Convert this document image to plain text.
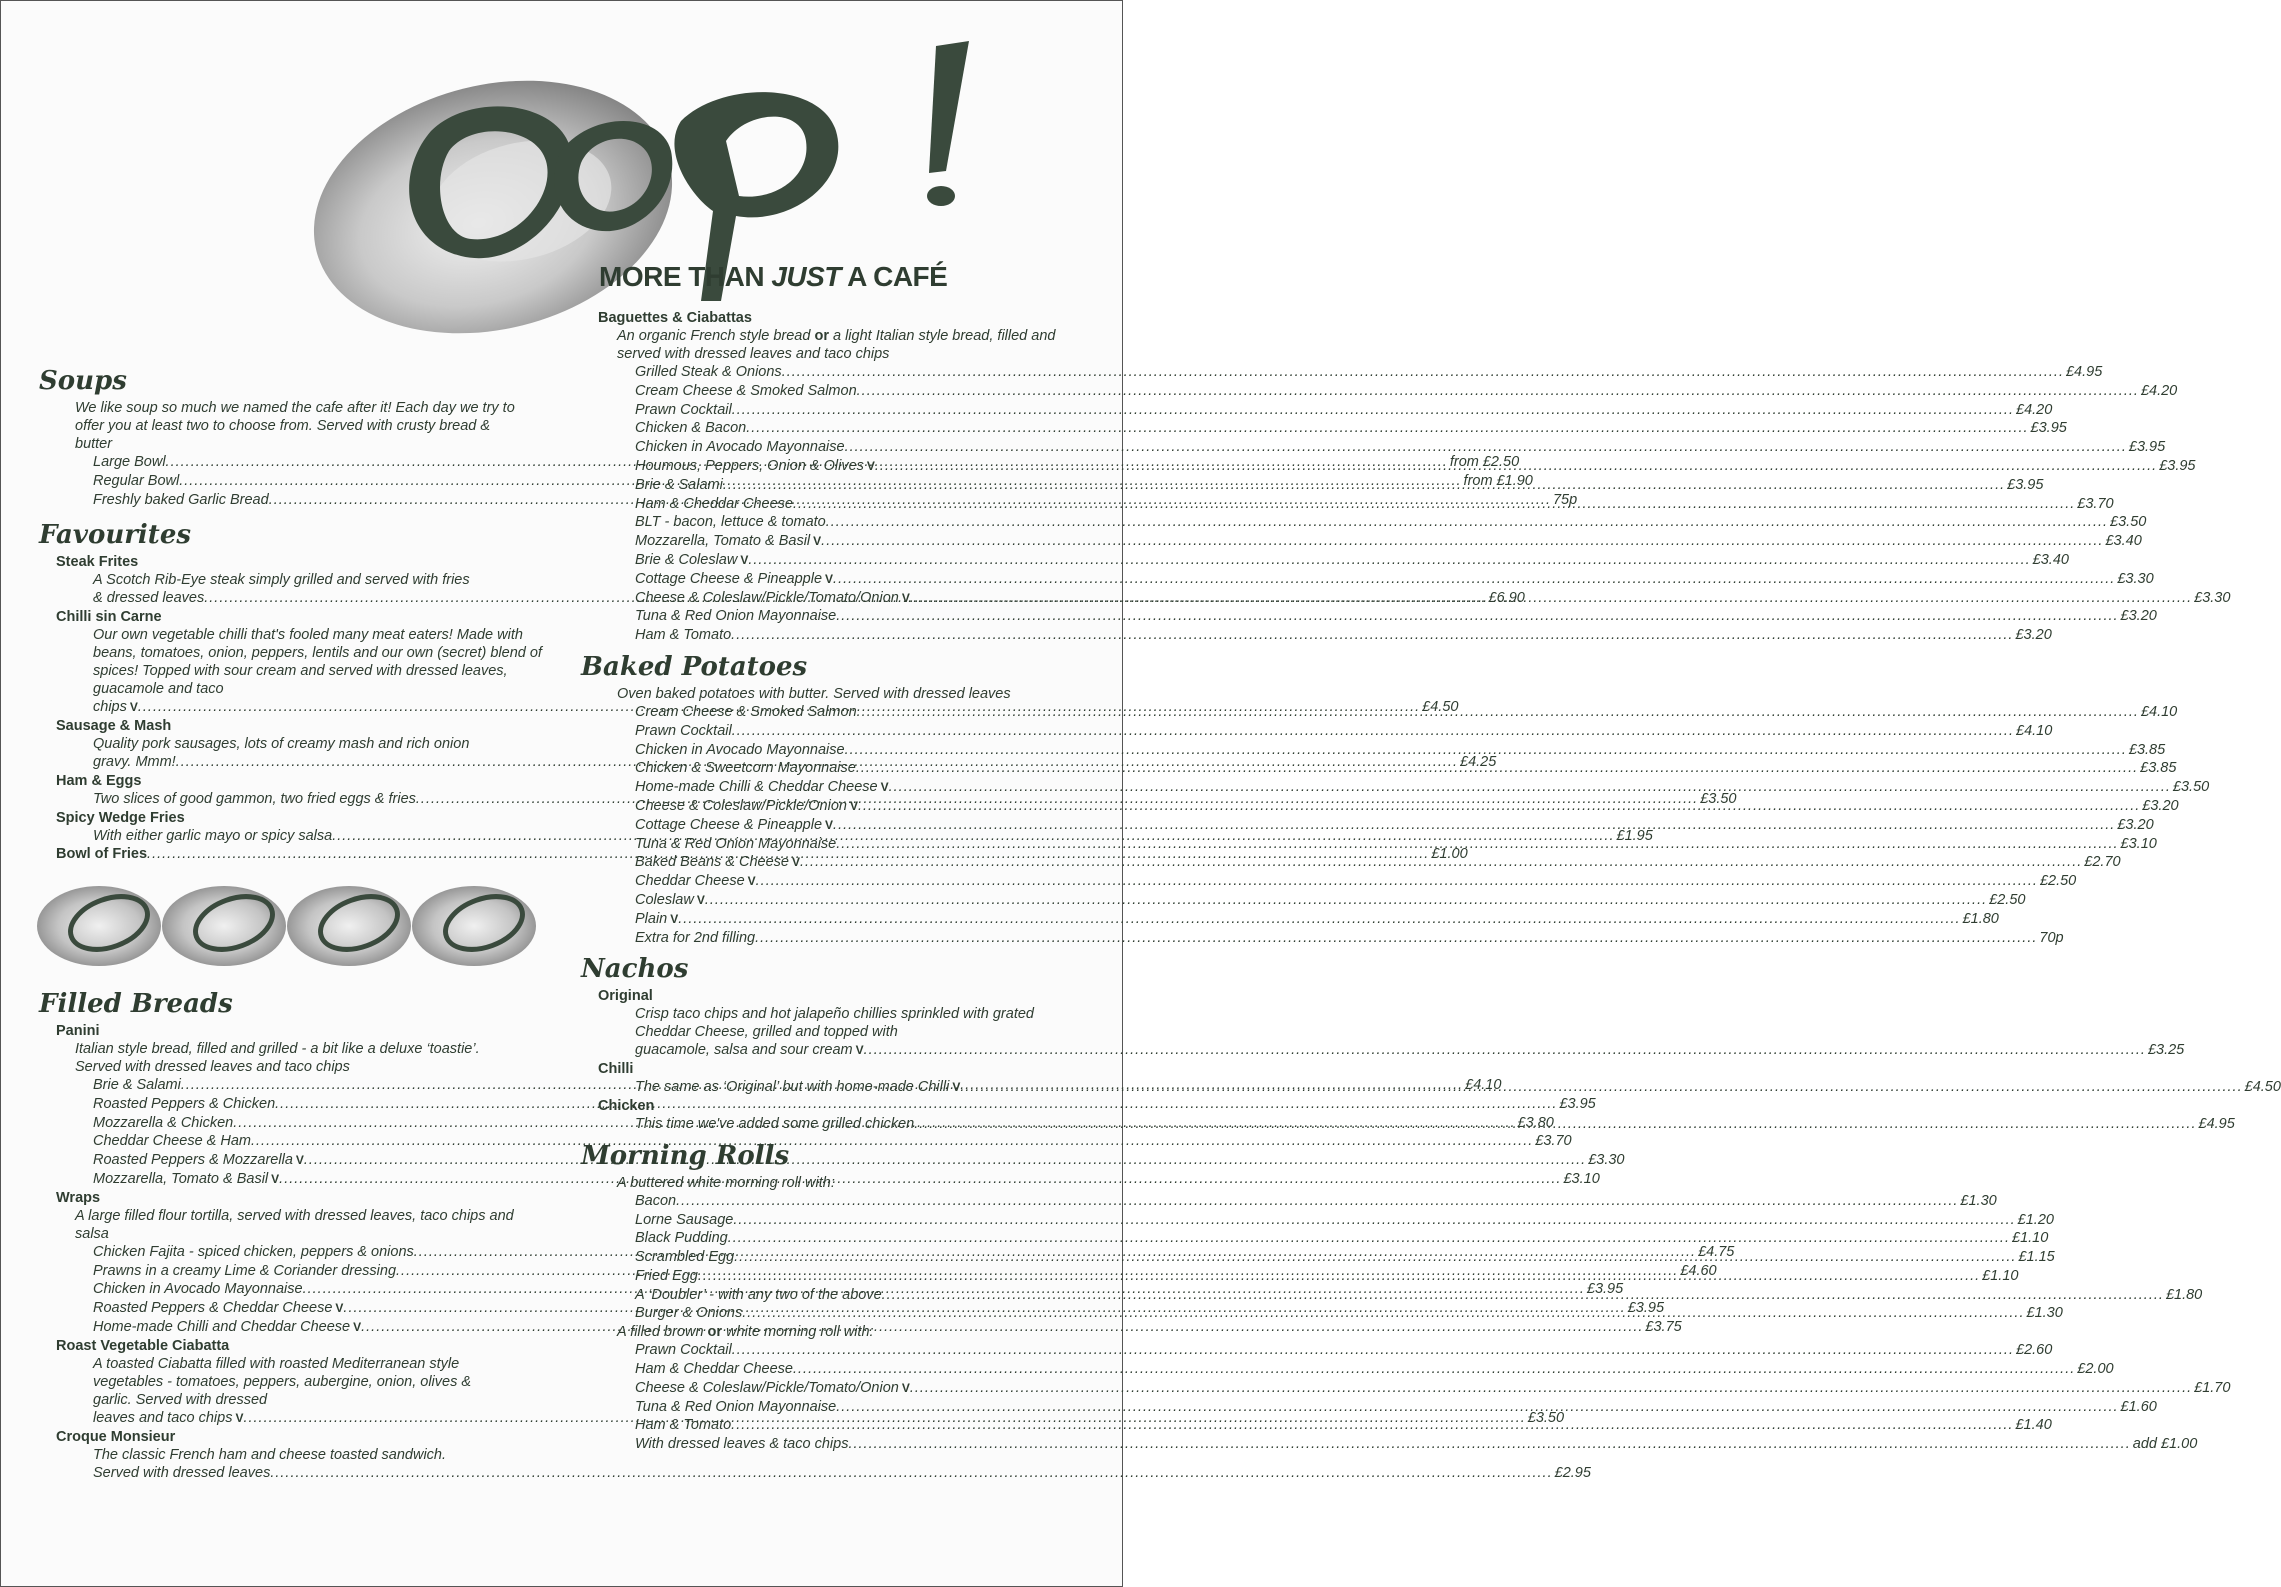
MORE THAN JUST A CAFÉ
Soups
We like soup so much we named the cafe after it! Each day we try to offer you at least two to choose from. Served with crusty bread & butter
Large Bowl .....	from £2.50
Regular Bowl .....	from £1.90
Freshly baked Garlic Bread .....	75p
Favourites
Steak Frites
A Scotch Rib-Eye steak simply grilled and served with fries
& dressed leaves .....	£6.90
Chilli sin Carne
Our own vegetable chilli that's fooled many meat eaters! Made with beans, tomatoes, onion, peppers, lentils and our own (secret) blend of spices! Topped with sour cream and served with dressed leaves, guacamole and taco
chips V .....	£4.50
Sausage & Mash
Quality pork sausages, lots of creamy mash and rich onion
gravy. Mmm! .....	£4.25
Ham & Eggs
Two slices of good gammon, two fried eggs & fries .....	£3.50
Spicy Wedge Fries
With either garlic mayo or spicy salsa .....	£1.95
Bowl of Fries .....	£1.00
Filled Breads
Panini
Italian style bread, filled and grilled - a bit like a deluxe ‘toastie’. Served with dressed leaves and taco chips
Brie & Salami .....	£4.10
Roasted Peppers & Chicken .....	£3.95
Mozzarella & Chicken .....	£3.80
Cheddar Cheese & Ham .....	£3.70
Roasted Peppers & Mozzarella V .....	£3.30
Mozzarella, Tomato & Basil V .....	£3.10
Wraps
A large filled flour tortilla, served with dressed leaves, taco chips and salsa
Chicken Fajita - spiced chicken, peppers & onions .....	£4.75
Prawns in a creamy Lime & Coriander dressing .....	£4.60
Chicken in Avocado Mayonnaise .....	£3.95
Roasted Peppers & Cheddar Cheese V .....	£3.95
Home-made Chilli and Cheddar Cheese V .....	£3.75
Roast Vegetable Ciabatta
A toasted Ciabatta filled with roasted Mediterranean style vegetables - tomatoes, peppers, aubergine, onion, olives & garlic. Served with dressed
leaves and taco chips V .....	£3.50
Croque Monsieur
The classic French ham and cheese toasted sandwich.
Served with dressed leaves .....	£2.95
Baguettes & Ciabattas
An organic French style bread or a light Italian style bread, filled and served with dressed leaves and taco chips
Grilled Steak & Onions .....	£4.95
Cream Cheese & Smoked Salmon .....	£4.20
Prawn Cocktail .....	£4.20
Chicken & Bacon .....	£3.95
Chicken in Avocado Mayonnaise .....	£3.95
Houmous, Peppers, Onion & Olives V .....	£3.95
Brie & Salami .....	£3.95
Ham & Cheddar Cheese .....	£3.70
BLT - bacon, lettuce & tomato .....	£3.50
Mozzarella, Tomato & Basil V .....	£3.40
Brie & Coleslaw V .....	£3.40
Cottage Cheese & Pineapple V .....	£3.30
Cheese & Coleslaw/Pickle/Tomato/Onion V .....	£3.30
Tuna & Red Onion Mayonnaise .....	£3.20
Ham & Tomato .....	£3.20
Baked Potatoes
Oven baked potatoes with butter. Served with dressed leaves
Cream Cheese & Smoked Salmon .....	£4.10
Prawn Cocktail .....	£4.10
Chicken in Avocado Mayonnaise .....	£3.85
Chicken & Sweetcorn Mayonnaise .....	£3.85
Home-made Chilli & Cheddar Cheese V .....	£3.50
Cheese & Coleslaw/Pickle/Onion V .....	£3.20
Cottage Cheese & Pineapple V .....	£3.20
Tuna & Red Onion Mayonnaise .....	£3.10
Baked Beans & Cheese V .....	£2.70
Cheddar Cheese V .....	£2.50
Coleslaw V .....	£2.50
Plain V .....	£1.80
Extra for 2nd filling .....	70p
Nachos
Original
Crisp taco chips and hot jalapeño chillies sprinkled with grated Cheddar Cheese, grilled and topped with
guacamole, salsa and sour cream V .....	£3.25
Chilli
The same as ‘Original’ but with home-made Chilli V .....	£4.50
Chicken
This time we've added some grilled chicken .....	£4.95
Morning Rolls
A buttered white morning roll with:
Bacon .....	£1.30
Lorne Sausage .....	£1.20
Black Pudding .....	£1.10
Scrambled Egg .....	£1.15
Fried Egg .....	£1.10
A ‘Doubler’ - with any two of the above .....	£1.80
Burger & Onions .....	£1.30
A filled brown or white morning roll with:
Prawn Cocktail .....	£2.60
Ham & Cheddar Cheese .....	£2.00
Cheese & Coleslaw/Pickle/Tomato/Onion V .....	£1.70
Tuna & Red Onion Mayonnaise .....	£1.60
Ham & Tomato .....	£1.40
With dressed leaves & taco chips .....	add £1.00
